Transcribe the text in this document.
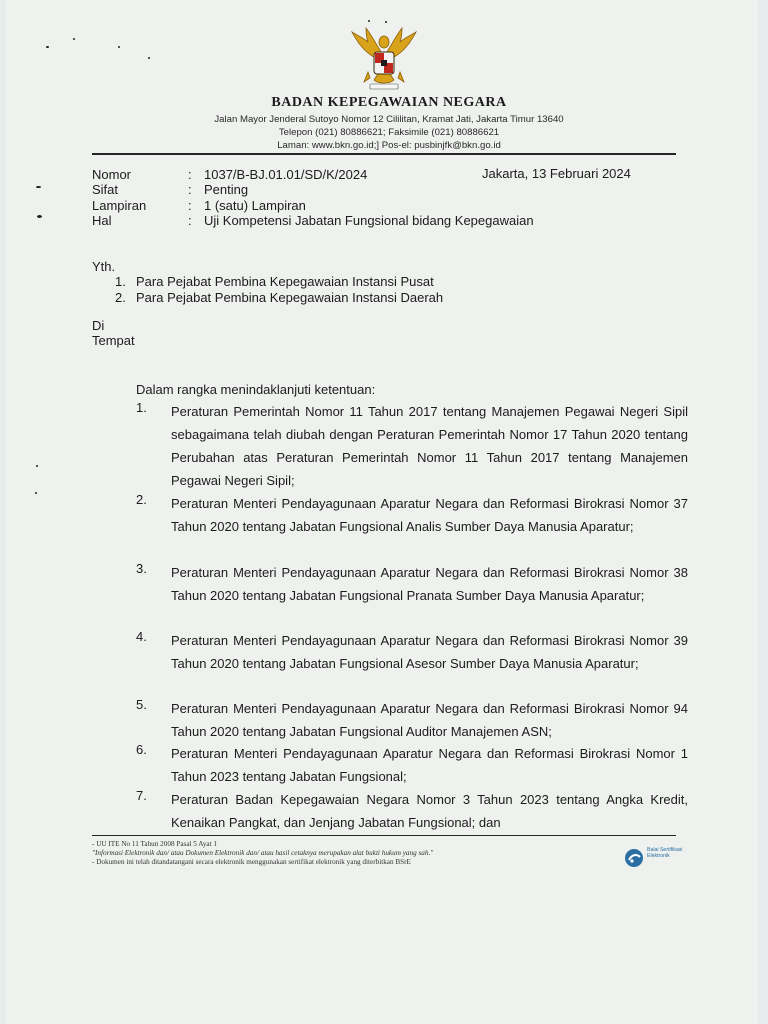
BADAN KEPEGAWAIAN NEGARA
Jalan Mayor Jenderal Sutoyo Nomor 12 Cililitan, Kramat Jati, Jakarta Timur 13640
Telepon (021) 80886621; Faksimile (021) 80886621
Laman: www.bkn.go.id;] Pos-el: pusbinjfk@bkn.go.id
Nomor	: 1037/B-BJ.01.01/SD/K/2024
Sifat	: Penting
Lampiran	: 1 (satu) Lampiran
Hal	: Uji Kompetensi Jabatan Fungsional bidang Kepegawaian
Jakarta, 13 Februari 2024
Yth.
1. Para Pejabat Pembina Kepegawaian Instansi Pusat
2. Para Pejabat Pembina Kepegawaian Instansi Daerah
Di
Tempat
Dalam rangka menindaklanjuti ketentuan:
1. Peraturan Pemerintah Nomor 11 Tahun 2017 tentang Manajemen Pegawai Negeri Sipil sebagaimana telah diubah dengan Peraturan Pemerintah Nomor 17 Tahun 2020 tentang Perubahan atas Peraturan Pemerintah Nomor 11 Tahun 2017 tentang Manajemen Pegawai Negeri Sipil;
2. Peraturan Menteri Pendayagunaan Aparatur Negara dan Reformasi Birokrasi Nomor 37 Tahun 2020 tentang Jabatan Fungsional Analis Sumber Daya Manusia Aparatur;
3. Peraturan Menteri Pendayagunaan Aparatur Negara dan Reformasi Birokrasi Nomor 38 Tahun 2020 tentang Jabatan Fungsional Pranata Sumber Daya Manusia Aparatur;
4. Peraturan Menteri Pendayagunaan Aparatur Negara dan Reformasi Birokrasi Nomor 39 Tahun 2020 tentang Jabatan Fungsional Asesor Sumber Daya Manusia Aparatur;
5. Peraturan Menteri Pendayagunaan Aparatur Negara dan Reformasi Birokrasi Nomor 94 Tahun 2020 tentang Jabatan Fungsional Auditor Manajemen ASN;
6. Peraturan Menteri Pendayagunaan Aparatur Negara dan Reformasi Birokrasi Nomor 1 Tahun 2023 tentang Jabatan Fungsional;
7. Peraturan Badan Kepegawaian Negara Nomor 3 Tahun 2023 tentang Angka Kredit, Kenaikan Pangkat, dan Jenjang Jabatan Fungsional; dan
- UU ITE No 11 Tahun 2008 Pasal 5 Ayat 1
"Informasi Elektronik dan/ atau Dokumen Elektronik dan/ atau hasil cetaknya merupakan alat bukti hukum yang sah."
- Dokumen ini telah ditandatangani secara elektronik menggunakan sertifikat elektronik yang diterbitkan BSrE
Balai Sertifikasi Elektronik
